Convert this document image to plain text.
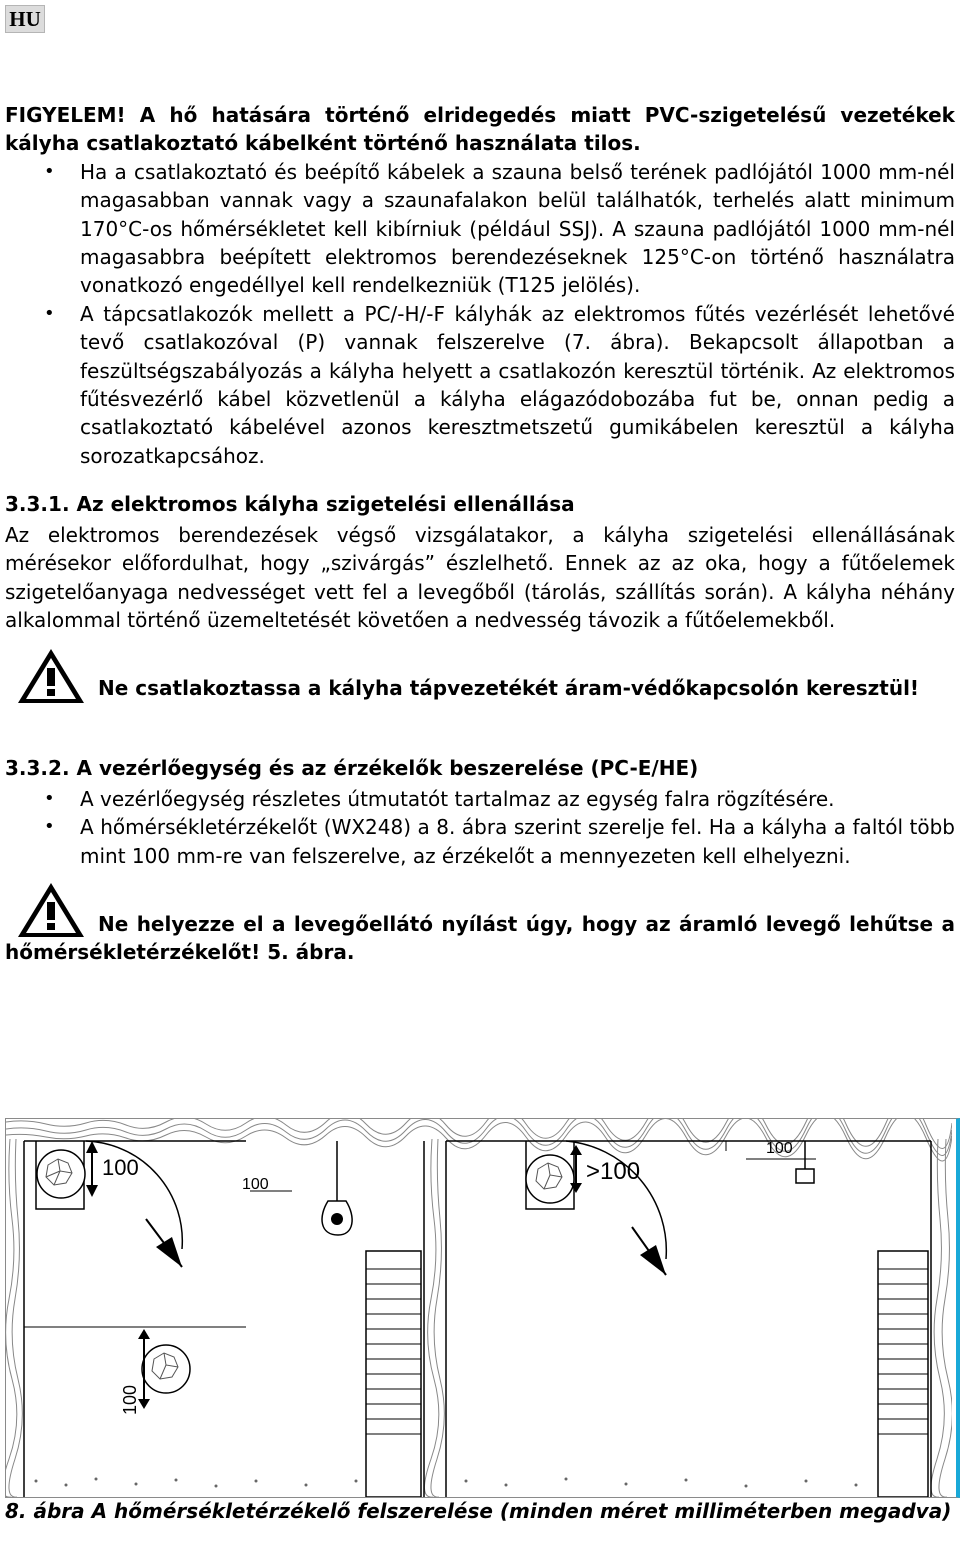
HU

FIGYELEM! A hő hatására történő elridegedés miatt PVC-szigetelésű vezetékek kályha csatlakoztató kábelként történő használata tilos.

• Ha a csatlakoztató és beépítő kábelek a szauna belső terének padlójától 1000 mm-nél magasabban vannak vagy a szaunafalakon belül találhatók, terhelés alatt minimum 170°C-os hőmérsékletet kell kibírniuk (például SSJ). A szauna padlójától 1000 mm-nél magasabbra beépített elektromos berendezéseknek 125°C-on történő használatra vonatkozó engedéllyel kell rendelkezniük (T125 jelölés).
• A tápcsatlakozók mellett a PC/-H/-F kályhák az elektromos fűtés vezérlését lehetővé tevő csatlakozóval (P) vannak felszerelve (7. ábra). Bekapcsolt állapotban a feszültségszabályozás a kályha helyett a csatlakozón keresztül történik. Az elektromos fűtésvezérlő kábel közvetlenül a kályha elágazódobozába fut be, onnan pedig a csatlakoztató kábelével azonos keresztmetszetű gumikábelen keresztül a kályha sorozatkapcsához.
3.3.1. Az elektromos kályha szigetelési ellenállása

Az elektromos berendezések végső vizsgálatakor, a kályha szigetelési ellenállásának mérésekor előfordulhat, hogy „szivárgás” észlelhető. Ennek az az oka, hogy a fűtőelemek szigetelőanyaga nedvességet vett fel a levegőből (tárolás, szállítás során). A kályha néhány alkalommal történő üzemeltetését követően a nedvesség távozik a fűtőelemekből.

Ne csatlakoztassa a kályha tápvezetékét áram-védőkapcsolón keresztül!

3.3.2. A vezérlőegység és az érzékelők beszerelése (PC-E/HE)
• A vezérlőegység részletes útmutatót tartalmaz az egység falra rögzítésére.
• A hőmérsékletérzékelőt (WX248) a 8. ábra szerint szerelje fel. Ha a kályha a faltól több mint 100 mm-re van felszerelve, az érzékelőt a mennyezeten kell elhelyezni.

Ne helyezze el a levegőellátó nyílást úgy, hogy az áramló levegő lehűtse a hőmérsékletérzékelőt! 5. ábra.

100
100
100
>100
100

8. ábra A hőmérsékletérzékelő felszerelése (minden méret milliméterben megadva)
